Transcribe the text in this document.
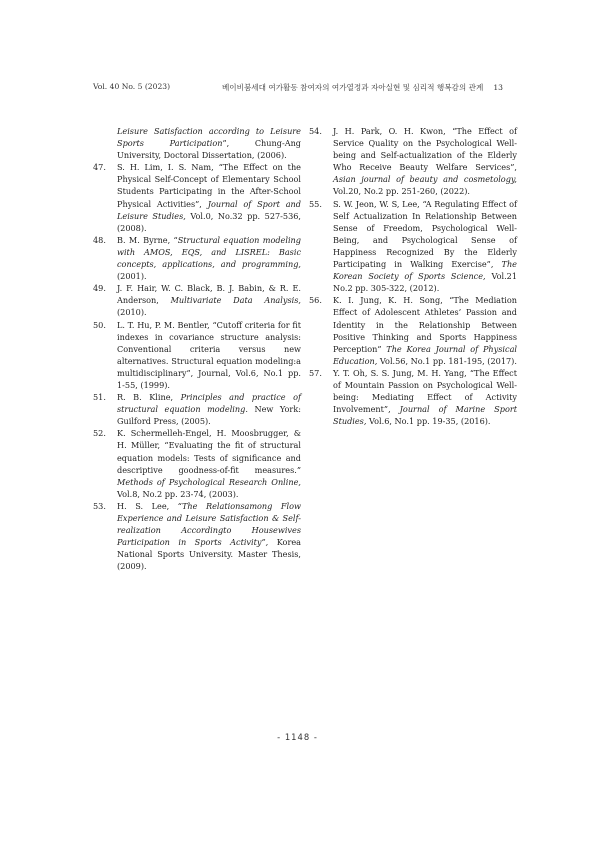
Vol. 40 No. 5 (2023)	베이비붐세대 여가활동 참여자의 여가열정과 자아실현 및 심리적 행복감의 관계 13

Leisure Satisfaction according to Leisure Sports Participation”, Chung-Ang University, Doctoral Dissertation, (2006).

47. S. H. Lim, I. S. Nam, “The Effect on the Physical Self-Concept of Elementary School Students Participating in the After-School Physical Activities”, Journal of Sport and Leisure Studies, Vol.0, No.32 pp. 527-536, (2008).

48. B. M. Byrne, “Structural equation modeling with AMOS, EQS, and LISREL: Basic concepts, applications, and programming, (2001).

49. J. F. Hair, W. C. Black, B. J. Babin, & R. E. Anderson, Multivariate Data Analysis, (2010).

50. L. T. Hu, P. M. Bentler, “Cutoff criteria for fit indexes in covariance structure analysis: Conventional criteria versus new alternatives. Structural equation modeling:a multidisciplinary”, Journal, Vol.6, No.1 pp. 1-55, (1999).

51. R. B. Kline, Principles and practice of structural equation modeling. New York: Guilford Press, (2005).

52. K. Schermelleh-Engel, H. Moosbrugger, & H. Müller, “Evaluating the fit of structural equation models: Tests of significance and descriptive goodness-of-fit measures.” Methods of Psychological Research Online, Vol.8, No.2 pp. 23-74, (2003).

53. H. S. Lee, “The Relationsamong Flow Experience and Leisure Satisfaction & Self-realization Accordingto Housewives Participation in Sports Activity”, Korea National Sports University. Master Thesis, (2009).

54. J. H. Park, O. H. Kwon, “The Effect of Service Quality on the Psychological Well-being and Self-actualization of the Elderly Who Receive Beauty Welfare Services”, Asian journal of beauty and cosmetology, Vol.20, No.2 pp. 251-260, (2022).

55. S. W. Jeon, W. S, Lee, “A Regulating Effect of Self Actualization In Relationship Between Sense of Freedom, Psychological Well-Being, and Psychological Sense of Happiness Recognized By the Elderly Participating in Walking Exercise”, The Korean Society of Sports Science, Vol.21 No.2 pp. 305-322, (2012).

56. K. I. Jung, K. H. Song, “The Mediation Effect of Adolescent Athletes’ Passion and Identity in the Relationship Between Positive Thinking and Sports Happiness Perception” The Korea Journal of Physical Education, Vol.56, No.1 pp. 181-195, (2017).

57. Y. T. Oh, S. S. Jung, M. H. Yang, “The Effect of Mountain Passion on Psychological Well-being: Mediating Effect of Activity Involvement”, Journal of Marine Sport Studies, Vol.6, No.1 pp. 19-35, (2016).

- 1148 -
